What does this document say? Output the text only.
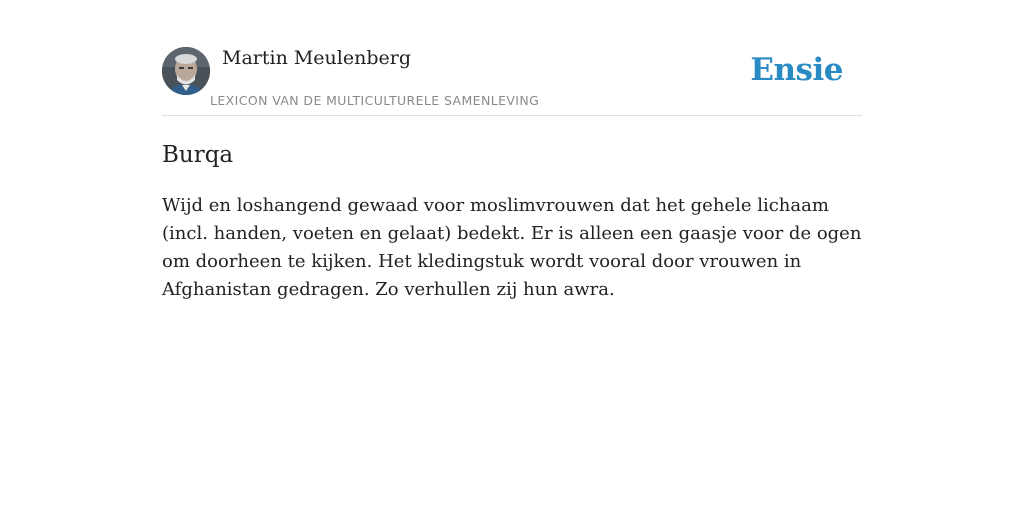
Martin Meulenberg
LEXICON VAN DE MULTICULTURELE SAMENLEVING
Ensie
Burqa

Wijd en loshangend gewaad voor moslimvrouwen dat het gehele lichaam (incl. handen, voeten en gelaat) bedekt. Er is alleen een gaasje voor de ogen om doorheen te kijken. Het kledingstuk wordt vooral door vrouwen in Afghanistan gedragen. Zo verhullen zij hun awra.
